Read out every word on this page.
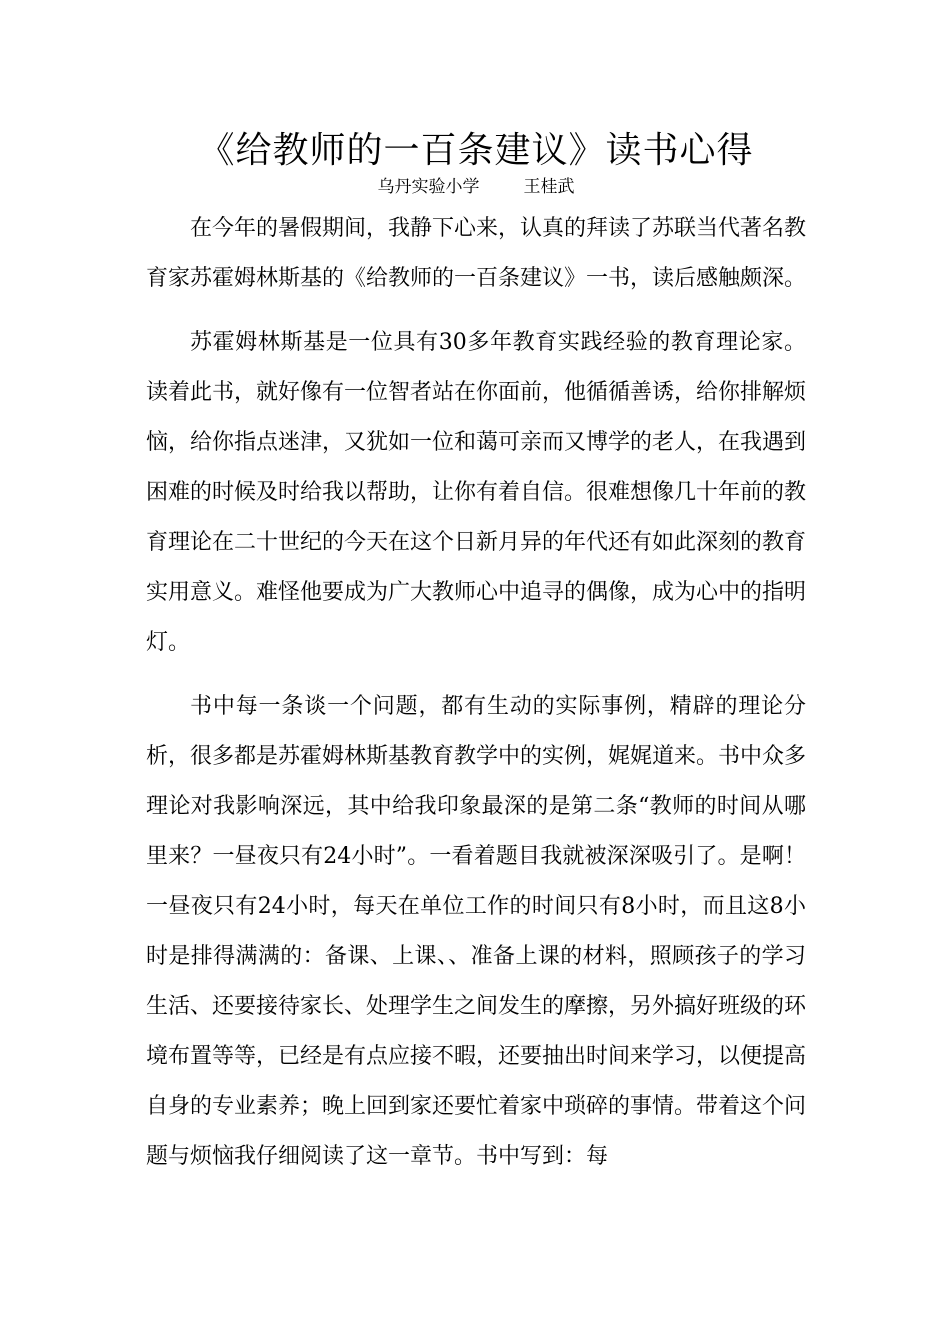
《给教师的一百条建议》读书心得

乌丹实验小学	王桂武

在今年的暑假期间，我静下心来，认真的拜读了苏联当代著名教育家苏霍姆林斯基的《给教师的一百条建议》一书，读后感触颇深。

苏霍姆林斯基是一位具有30多年教育实践经验的教育理论家。读着此书，就好像有一位智者站在你面前，他循循善诱，给你排解烦恼，给你指点迷津，又犹如一位和蔼可亲而又博学的老人，在我遇到困难的时候及时给我以帮助，让你有着自信。很难想像几十年前的教育理论在二十世纪的今天在这个日新月异的年代还有如此深刻的教育实用意义。难怪他要成为广大教师心中追寻的偶像，成为心中的指明灯。

书中每一条谈一个问题，都有生动的实际事例，精辟的理论分析，很多都是苏霍姆林斯基教育教学中的实例，娓娓道来。书中众多理论对我影响深远，其中给我印象最深的是第二条“教师的时间从哪里来？一昼夜只有24小时”。一看着题目我就被深深吸引了。是啊！一昼夜只有24小时，每天在单位工作的时间只有8小时，而且这8小时是排得满满的：备课、上课、、准备上课的材料，照顾孩子的学习生活、还要接待家长、处理学生之间发生的摩擦，另外搞好班级的环境布置等等，已经是有点应接不暇，还要抽出时间来学习，以便提高自身的专业素养；晚上回到家还要忙着家中琐碎的事情。带着这个问题与烦恼我仔细阅读了这一章节。书中写到：每
